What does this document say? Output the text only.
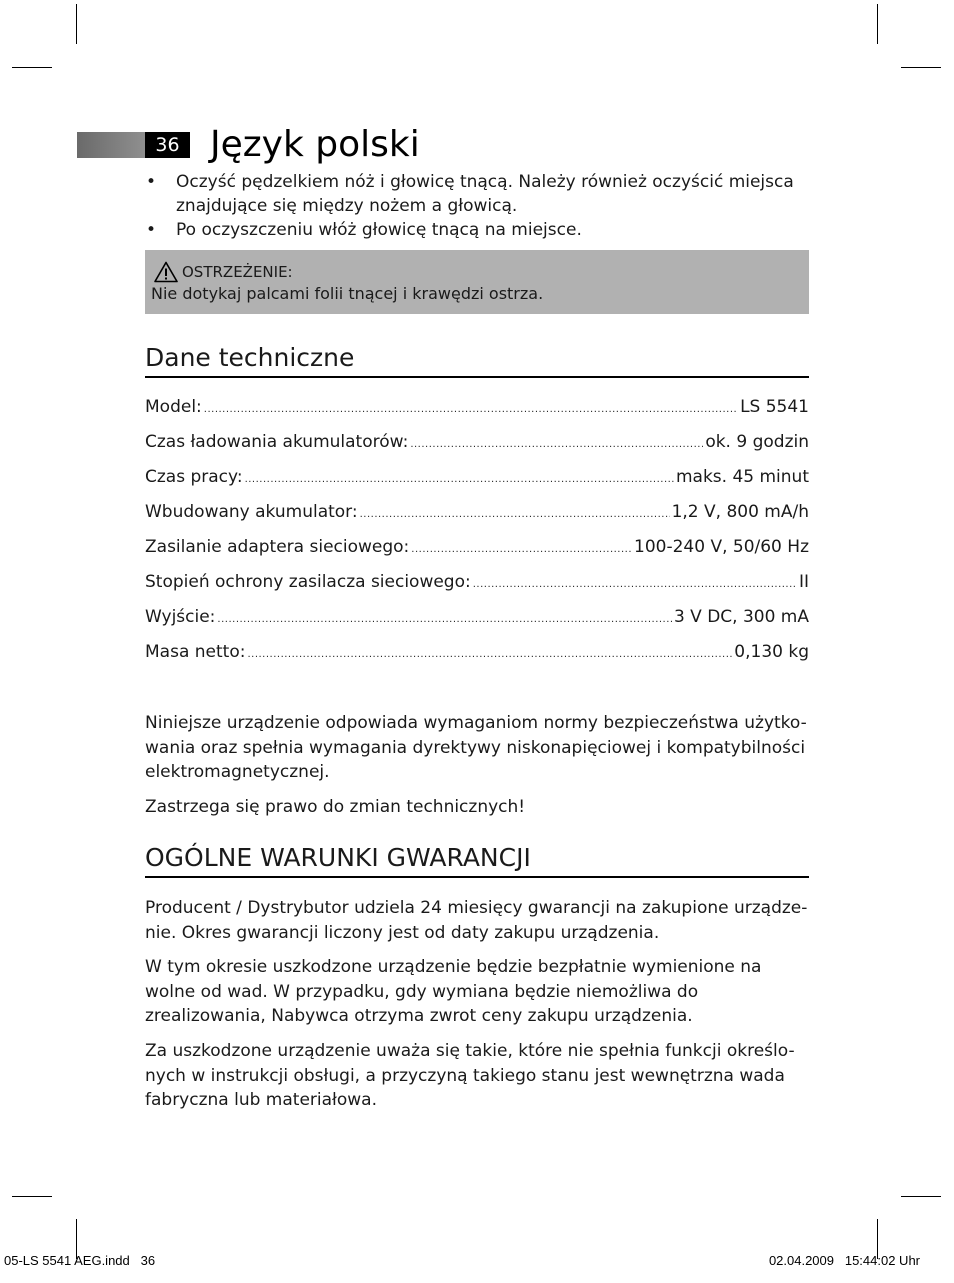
36 Język polski
• Oczyść pędzelkiem nóż i głowicę tnącą. Należy również oczyścić miejsca znajdujące się między nożem a głowicą.
• Po oczyszczeniu włóż głowicę tnącą na miejsce.
OSTRZEŻENIE:
Nie dotykaj palcami folii tnącej i krawędzi ostrza.
Dane techniczne
Model: .....	LS 5541
Czas ładowania akumulatorów: .....	ok. 9 godzin
Czas pracy: .....	maks. 45 minut
Wbudowany akumulator: .....	1,2 V, 800 mA/h
Zasilanie adaptera sieciowego: .....	100-240 V, 50/60 Hz
Stopień ochrony zasilacza sieciowego: .....	II
Wyjście: .....	3 V DC, 300 mA
Masa netto: .....	0,130 kg

Niniejsze urządzenie odpowiada wymaganiom normy bezpieczeństwa użytko-wania oraz spełnia wymagania dyrektywy niskonapięciowej i kompatybilności elektromagnetycznej.

Zastrzega się prawo do zmian technicznych!

OGÓLNE WARUNKI GWARANCJI

Producent / Dystrybutor udziela 24 miesięcy gwarancji na zakupione urządze-nie. Okres gwarancji liczony jest od daty zakupu urządzenia.

W tym okresie uszkodzone urządzenie będzie bezpłatnie wymienione na wolne od wad. W przypadku, gdy wymiana będzie niemożliwa do zrealizowania, Nabywca otrzyma zwrot ceny zakupu urządzenia.

Za uszkodzone urządzenie uważa się takie, które nie spełnia funkcji określo-nych w instrukcji obsługi, a przyczyną takiego stanu jest wewnętrzna wada fabryczna lub materiałowa.

05-LS 5541 AEG.indd   36	02.04.2009   15:44:02 Uhr
